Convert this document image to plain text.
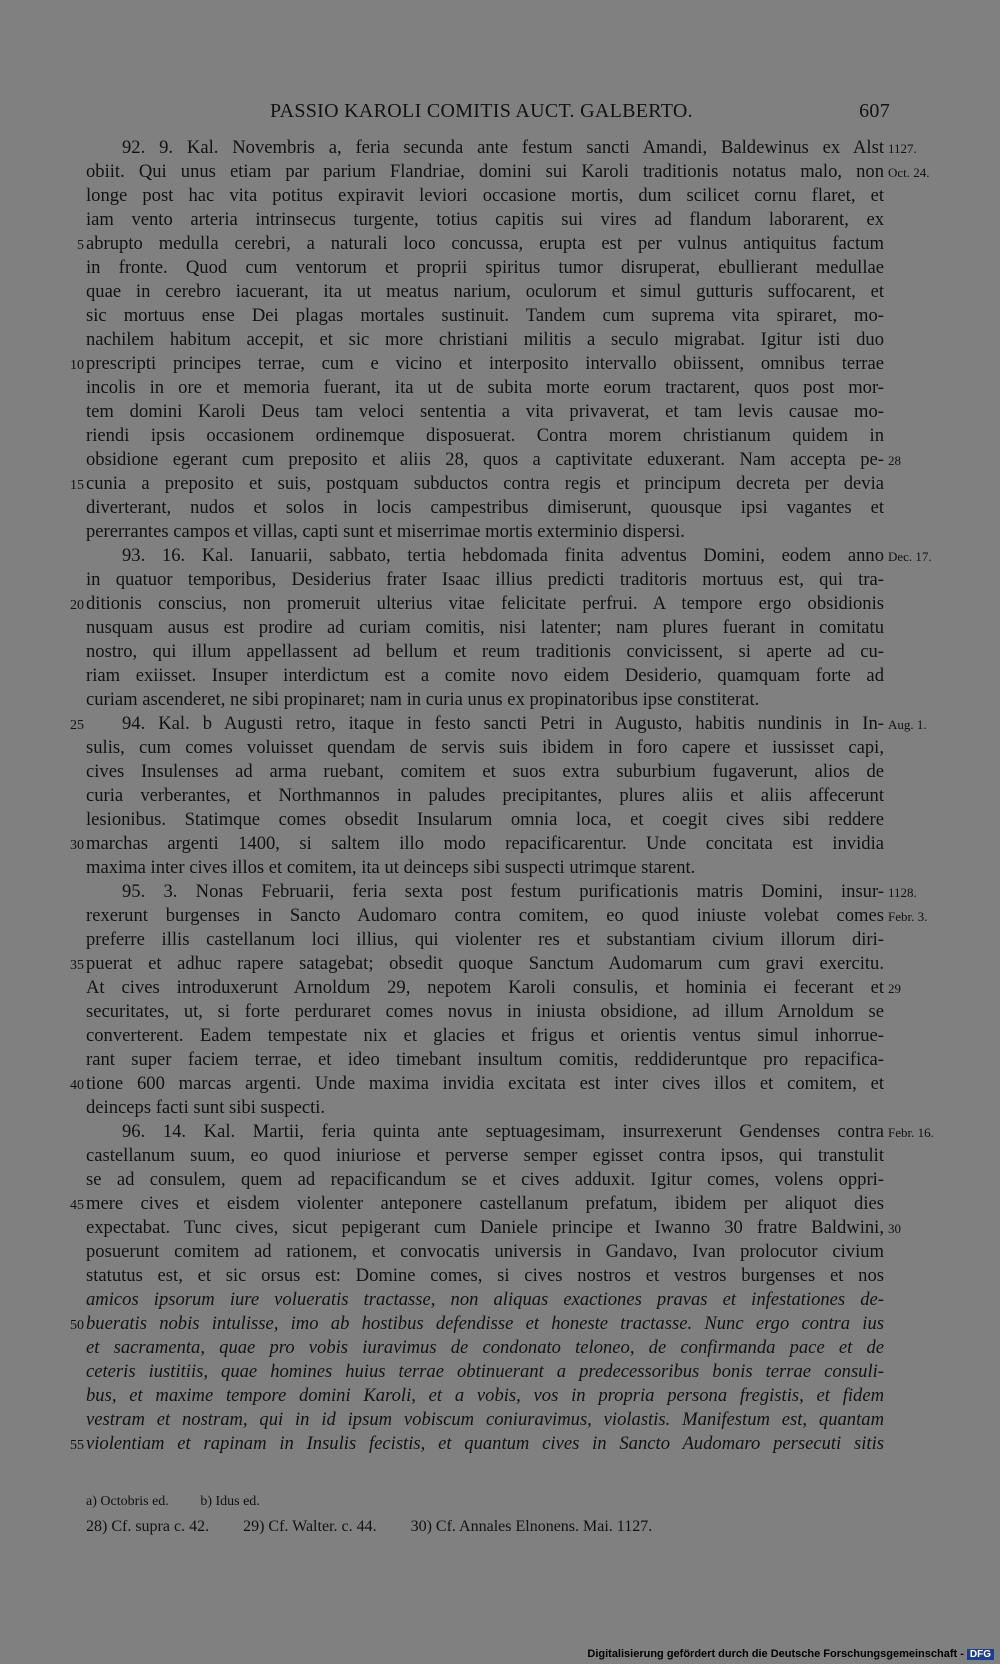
PASSIO KAROLI COMITIS AUCT. GALBERTO.	607
92. 9. Kal. Novembris a, feria secunda ante festum sancti Amandi, Baldewinus ex Alst 1127.
obiit. Qui unus etiam par parium Flandriae, domini sui Karoli traditionis notatus malo, non Oct. 24.
longe post hac vita potitus expiravit leviori occasione mortis, dum scilicet cornu flaret, et
iam vento arteria intrinsecus turgente, totius capitis sui vires ad flandum laborarent, ex
5 abrupto medulla cerebri, a naturali loco concussa, erupta est per vulnus antiquitus factum
in fronte. Quod cum ventorum et proprii spiritus tumor disruperat, ebullierant medullae
quae in cerebro iacuerant, ita ut meatus narium, oculorum et simul gutturis suffocarent, et
sic mortuus ense Dei plagas mortales sustinuit. Tandem cum suprema vita spiraret, mo-
nachilem habitum accepit, et sic more christiani militis a seculo migrabat. Igitur isti duo
10 prescripti principes terrae, cum e vicino et interposito intervallo obiissent, omnibus terrae
incolis in ore et memoria fuerant, ita ut de subita morte eorum tractarent, quos post mor-
tem domini Karoli Deus tam veloci sententia a vita privaverat, et tam levis causae mo-
riendi ipsis occasionem ordinemque disposuerat. Contra morem christianum quidem in
obsidione egerant cum preposito et aliis 28, quos a captivitate eduxerant. Nam accepta pe- 28
15 cunia a preposito et suis, postquam subductos contra regis et principum decreta per devia
diverterant, nudos et solos in locis campestribus dimiserunt, quousque ipsi vagantes et
pererrantes campos et villas, capti sunt et miserrimae mortis exterminio dispersi.
93. 16. Kal. Ianuarii, sabbato, tertia hebdomada finita adventus Domini, eodem anno Dec. 17.
in quatuor temporibus, Desiderius frater Isaac illius predicti traditoris mortuus est, qui tra-
20 ditionis conscius, non promeruit ulterius vitae felicitate perfrui. A tempore ergo obsidionis
nusquam ausus est prodire ad curiam comitis, nisi latenter; nam plures fuerant in comitatu
nostro, qui illum appellassent ad bellum et reum traditionis convicissent, si aperte ad cu-
riam exiisset. Insuper interdictum est a comite novo eidem Desiderio, quamquam forte ad
curiam ascenderet, ne sibi propinaret; nam in curia unus ex propinatoribus ipse constiterat.
25 94. Kal. b Augusti retro, itaque in festo sancti Petri in Augusto, habitis nundinis in In- Aug. 1.
sulis, cum comes voluisset quendam de servis suis ibidem in foro capere et iussisset capi,
cives Insulenses ad arma ruebant, comitem et suos extra suburbium fugaverunt, alios de
curia verberantes, et Northmannos in paludes precipitantes, plures aliis et aliis affecerunt
lesionibus. Statimque comes obsedit Insularum omnia loca, et coegit cives sibi reddere
30 marchas argenti 1400, si saltem illo modo repacificarentur. Unde concitata est invidia
maxima inter cives illos et comitem, ita ut deinceps sibi suspecti utrimque starent.
95. 3. Nonas Februarii, feria sexta post festum purificationis matris Domini, insur- 1128.
rexerunt burgenses in Sancto Audomaro contra comitem, eo quod iniuste volebat comes Febr. 3.
preferre illis castellanum loci illius, qui violenter res et substantiam civium illorum diri-
35 puerat et adhuc rapere satagebat; obsedit quoque Sanctum Audomarum cum gravi exercitu.
At cives introduxerunt Arnoldum 29, nepotem Karoli consulis, et hominia ei fecerant et 29
securitates, ut, si forte perduraret comes novus in iniusta obsidione, ad illum Arnoldum se
converterent. Eadem tempestate nix et glacies et frigus et orientis ventus simul inhorrue-
rant super faciem terrae, et ideo timebant insultum comitis, reddideruntque pro repacifica-
40 tione 600 marcas argenti. Unde maxima invidia excitata est inter cives illos et comitem, et
deinceps facti sunt sibi suspecti.
96. 14. Kal. Martii, feria quinta ante septuagesimam, insurrexerunt Gendenses contra Febr. 16.
castellanum suum, eo quod iniuriose et perverse semper egisset contra ipsos, qui transtulit
se ad consulem, quem ad repacificandum se et cives adduxit. Igitur comes, volens oppri-
45 mere cives et eisdem violenter anteponere castellanum prefatum, ibidem per aliquot dies
expectabat. Tunc cives, sicut pepigerant cum Daniele principe et Iwanno 30 fratre Baldwini, 30
posuerunt comitem ad rationem, et convocatis universis in Gandavo, Ivan prolocutor civium
statutus est, et sic orsus est: Domine comes, si cives nostros et vestros burgenses et nos
amicos ipsorum iure volueratis tractasse, non aliquas exactiones pravas et infestationes de-
50 bueratis nobis intulisse, imo ab hostibus defendisse et honeste tractasse. Nunc ergo contra ius
et sacramenta, quae pro vobis iuravimus de condonato teloneo, de confirmanda pace et de
ceteris iustitiis, quae homines huius terrae obtinuerant a predecessoribus bonis terrae consuli-
bus, et maxime tempore domini Karoli, et a vobis, vos in propria persona fregistis, et fidem
vestram et nostram, qui in id ipsum vobiscum coniuravimus, violastis. Manifestum est, quantam
55 violentiam et rapinam in Insulis fecistis, et quantum cives in Sancto Audomaro persecuti sitis
a) Octobris ed. b) Idus ed.
28) Cf. supra c. 42. 29) Cf. Walter. c. 44. 30) Cf. Annales Elnonens. Mai. 1127.
Digitalisierung gefördert durch die Deutsche Forschungsgemeinschaft - DFG
